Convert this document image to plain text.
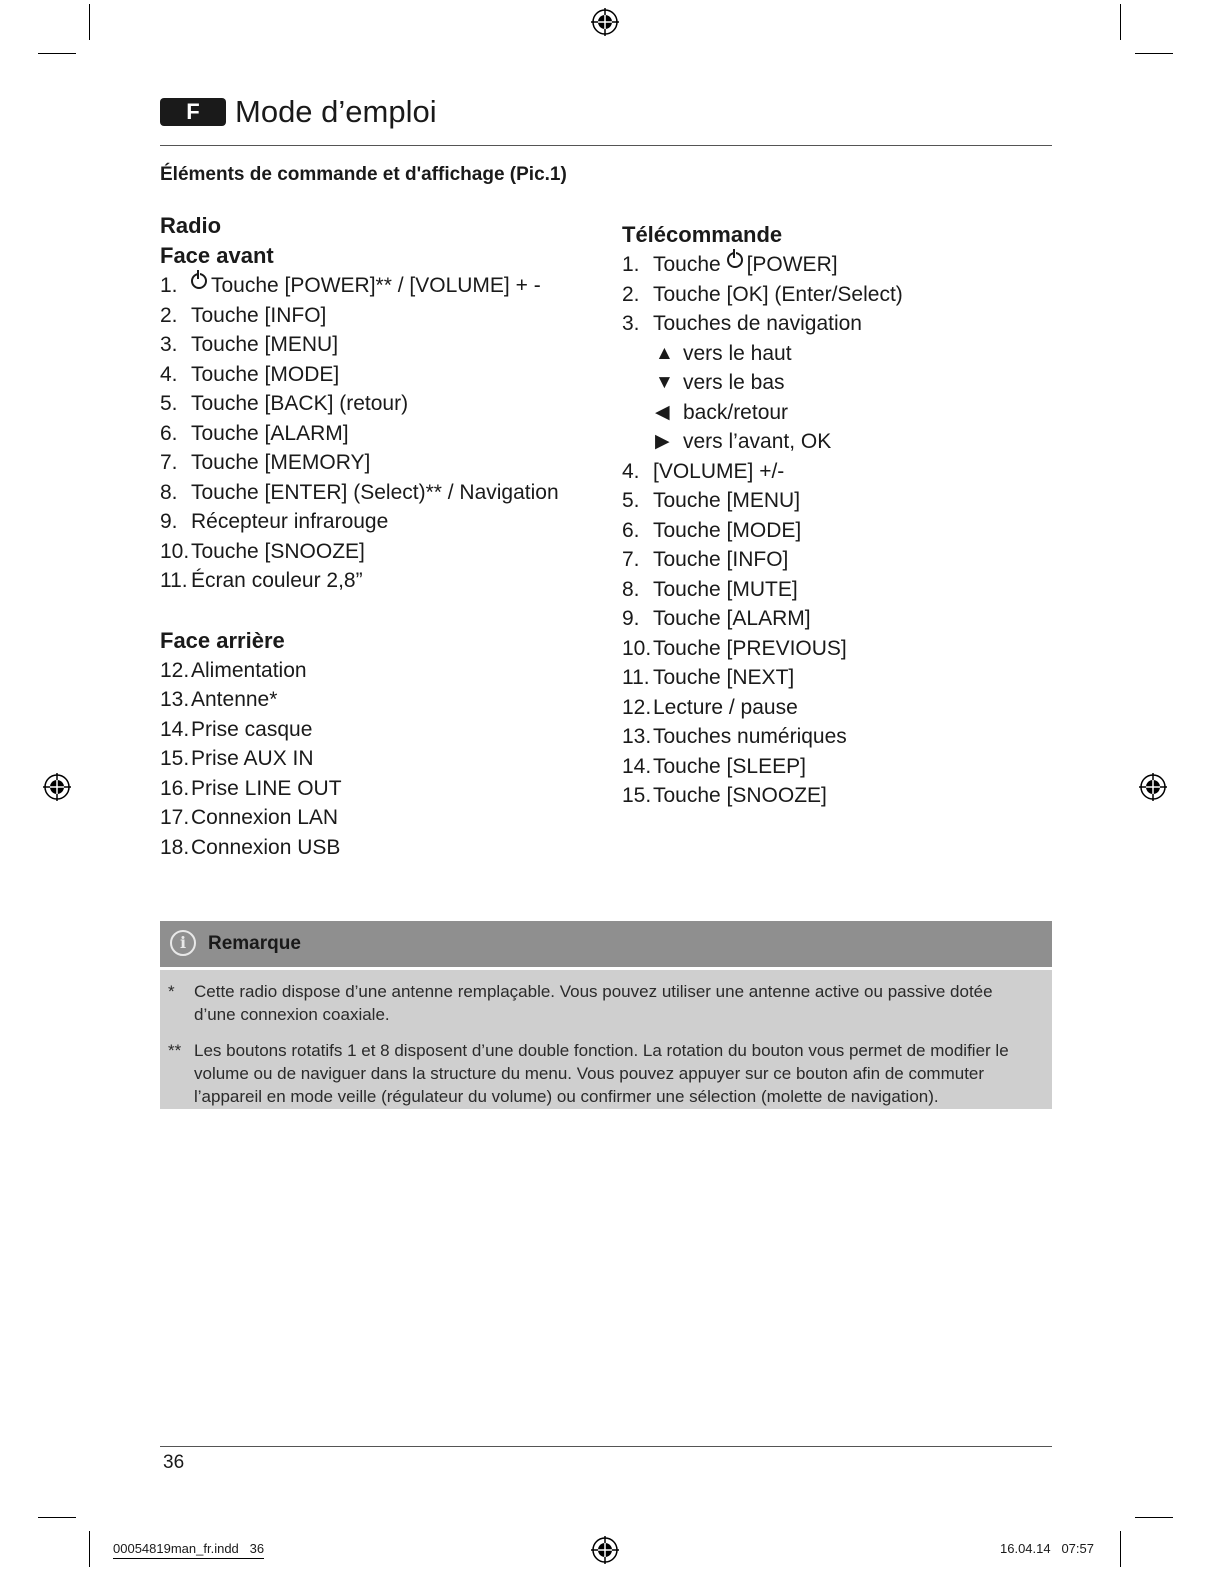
F	Mode d’emploi
Éléments de commande et d'affichage (Pic.1)
Radio
Face avant
1.	Touche [POWER]** / [VOLUME] + -
2. Touche [INFO]
3. Touche [MENU]
4. Touche [MODE]
5. Touche [BACK] (retour)
6. Touche [ALARM]
7. Touche [MEMORY]
8. Touche [ENTER] (Select)** / Navigation
9. Récepteur infrarouge
10. Touche [SNOOZE]
11. Écran couleur 2,8”
Face arrière
12. Alimentation
13. Antenne*
14. Prise casque
15. Prise AUX IN
16. Prise LINE OUT
17. Connexion LAN
18. Connexion USB
Télécommande
1. Touche
[POWER]
2. Touche [OK] (Enter/Select)
3. Touches de navigation
▲ vers le haut
▼ vers le bas
◀ back/retour
▶ vers l’avant, OK
4. [VOLUME] +/-
5. Touche [MENU]
6. Touche [MODE]
7. Touche [INFO]
8. Touche [MUTE]
9. Touche [ALARM]
10. Touche [PREVIOUS]
11. Touche [NEXT]
12. Lecture / pause
13. Touches numériques
14. Touche [SLEEP]
15. Touche [SNOOZE]
i	Remarque
*	Cette radio dispose d’une antenne remplaçable. Vous pouvez utiliser une antenne active ou passive dotée d’une connexion coaxiale.
** Les boutons rotatifs 1 et 8 disposent d’une double fonction. La rotation du bouton vous permet de modifier le volume ou de naviguer dans la structure du menu. Vous pouvez appuyer sur ce bouton afin de commuter l’appareil en mode veille (régulateur du volume) ou confirmer une sélection (molette de navigation).
36
00054819man_fr.indd   36	16.04.14   07:57
